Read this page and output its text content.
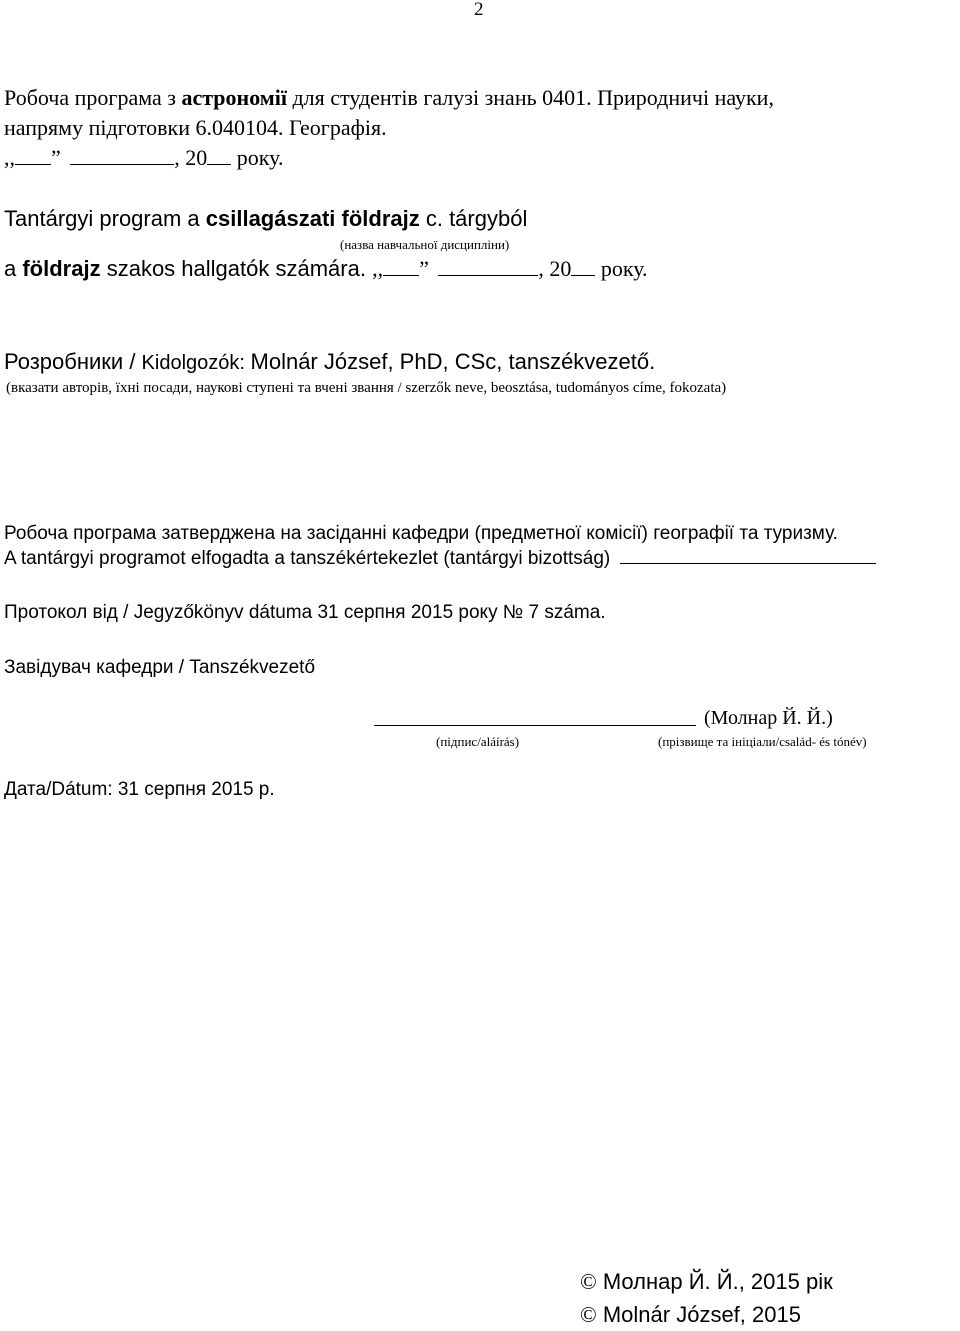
2
Робоча програма з астрономії для студентів галузі знань 0401. Природничі науки,
напряму підготовки 6.040104. Географія.
,, ”	, 20 року.
Tantárgyi program a csillagászati földrajz c. tárgyból
(назва навчальної дисципліни)
a földrajz szakos hallgatók számára. ,, ”	, 20 року.
Розробники / Kidolgozók: Molnár József, PhD, CSc, tanszékvezető.
(вказати авторів, їхні посади, наукові ступені та вчені звання / szerzők neve, beosztása, tudományos címe, fokozata)
Робоча програма затверджена на засіданні кафедри (предметної комісії) географії та туризму.
A tantárgyi programot elfogadta a tanszékértekezlet (tantárgyi bizottság)
Протокол від / Jegyzőkönyv dátuma 31 серпня 2015 року № 7 száma.
Завідувач кафедри / Tanszékvezető
(Молнар Й. Й.)
(підпис/aláírás)	(прізвище та ініціали/család- és tónév)
Дата/Dátum: 31 серпня 2015 р.
© Молнар Й. Й., 2015 рік
© Molnár József, 2015
